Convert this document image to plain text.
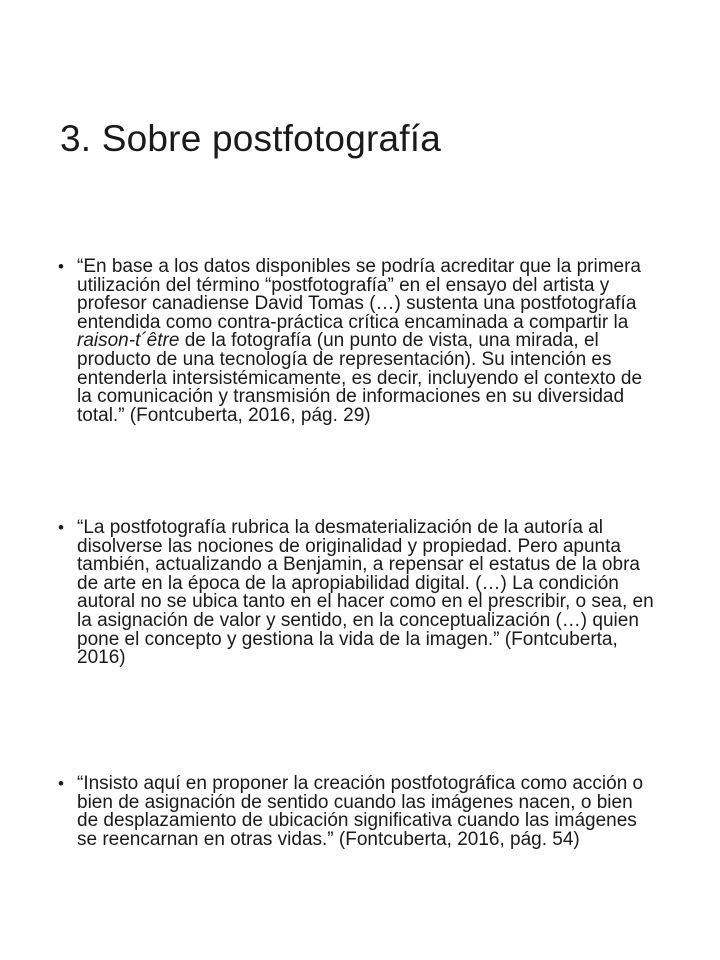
3. Sobre postfotografía
• “En base a los datos disponibles se podría acreditar que la primera utilización del término “postfotografía” en el ensayo del artista y profesor canadiense David Tomas (…) sustenta una postfotografía entendida como contra-práctica crítica encaminada a compartir la raison-t´être de la fotografía (un punto de vista, una mirada, el producto de una tecnología de representación). Su intención es entenderla intersistémicamente, es decir, incluyendo el contexto de la comunicación y transmisión de informaciones en su diversidad total.” (Fontcuberta, 2016, pág. 29)
• “La postfotografía rubrica la desmaterialización de la autoría al disolverse las nociones de originalidad y propiedad. Pero apunta también, actualizando a Benjamin, a repensar el estatus de la obra de arte en la época de la apropiabilidad digital. (…) La condición autoral no se ubica tanto en el hacer como en el prescribir, o sea, en la asignación de valor y sentido, en la conceptualización (…) quien pone el concepto y gestiona la vida de la imagen.” (Fontcuberta, 2016)
• “Insisto aquí en proponer la creación postfotográfica como acción o bien de asignación de sentido cuando las imágenes nacen, o bien de desplazamiento de ubicación significativa cuando las imágenes se reencarnan en otras vidas.” (Fontcuberta, 2016, pág. 54)
